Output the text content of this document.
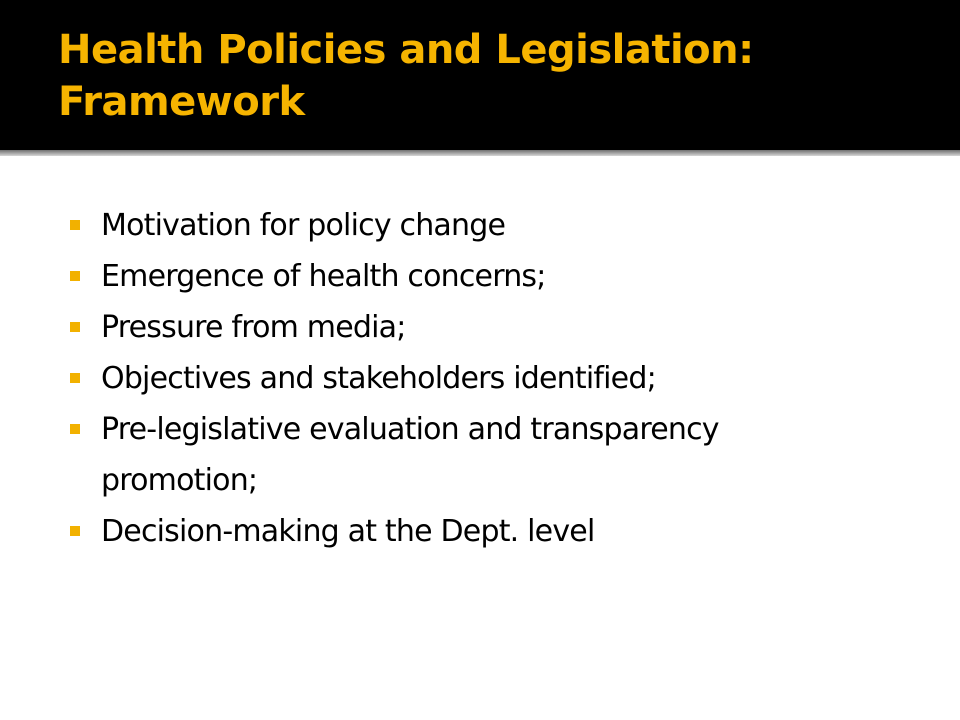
Health Policies and Legislation:
Framework
Motivation for policy change
Emergence of health concerns;
Pressure from media;
Objectives and stakeholders identified;
Pre-legislative evaluation and transparency
promotion;
Decision-making at the Dept. level
